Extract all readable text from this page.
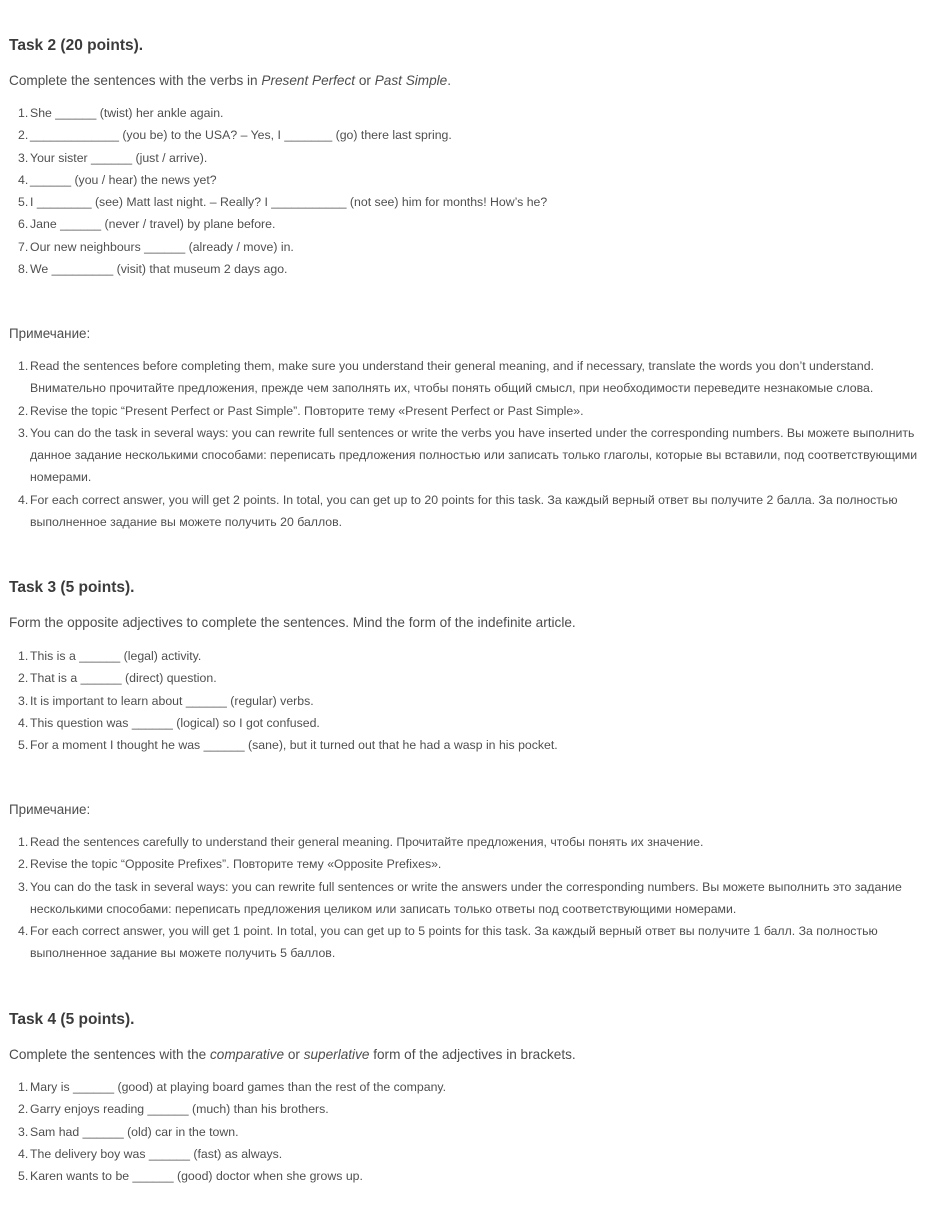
Task 2 (20 points).

Complete the sentences with the verbs in Present Perfect or Past Simple.

1. She ______ (twist) her ankle again.
2. _____________ (you be) to the USA? – Yes, I _______ (go) there last spring.
3. Your sister ______ (just / arrive).
4. ______ (you / hear) the news yet?
5. I ________ (see) Matt last night. – Really? I ___________ (not see) him for months! How’s he?
6. Jane ______ (never / travel) by plane before.
7. Our new neighbours ______ (already / move) in.
8. We _________ (visit) that museum 2 days ago.

Примечание:

1. Read the sentences before completing them, make sure you understand their general meaning, and if necessary, translate the words you don’t understand. Внимательно прочитайте предложения, прежде чем заполнять их, чтобы понять общий смысл, при необходимости переведите незнакомые слова.
2. Revise the topic “Present Perfect or Past Simple”. Повторите тему «Present Perfect or Past Simple».
3. You can do the task in several ways: you can rewrite full sentences or write the verbs you have inserted under the corresponding numbers. Вы можете выполнить данное задание несколькими способами: переписать предложения полностью или записать только глаголы, которые вы вставили, под соответствующими номерами.
4. For each correct answer, you will get 2 points. In total, you can get up to 20 points for this task. За каждый верный ответ вы получите 2 балла. За полностью выполненное задание вы можете получить 20 баллов.
Task 3 (5 points).

Form the opposite adjectives to complete the sentences. Mind the form of the indefinite article.

1. This is a ______ (legal) activity.
2. That is a ______ (direct) question.
3. It is important to learn about ______ (regular) verbs.
4. This question was ______ (logical) so I got confused.
5. For a moment I thought he was ______ (sane), but it turned out that he had a wasp in his pocket.

Примечание:

1. Read the sentences carefully to understand their general meaning. Прочитайте предложения, чтобы понять их значение.
2. Revise the topic “Opposite Prefixes”. Повторите тему «Opposite Prefixes».
3. You can do the task in several ways: you can rewrite full sentences or write the answers under the corresponding numbers. Вы можете выполнить это задание несколькими способами: переписать предложения целиком или записать только ответы под соответствующими номерами.
4. For each correct answer, you will get 1 point. In total, you can get up to 5 points for this task. За каждый верный ответ вы получите 1 балл. За полностью выполненное задание вы можете получить 5 баллов.
Task 4 (5 points).

Complete the sentences with the comparative or superlative form of the adjectives in brackets.

1. Mary is ______ (good) at playing board games than the rest of the company.
2. Garry enjoys reading ______ (much) than his brothers.
3. Sam had ______ (old) car in the town.
4. The delivery boy was ______ (fast) as always.
5. Karen wants to be ______ (good) doctor when she grows up.
